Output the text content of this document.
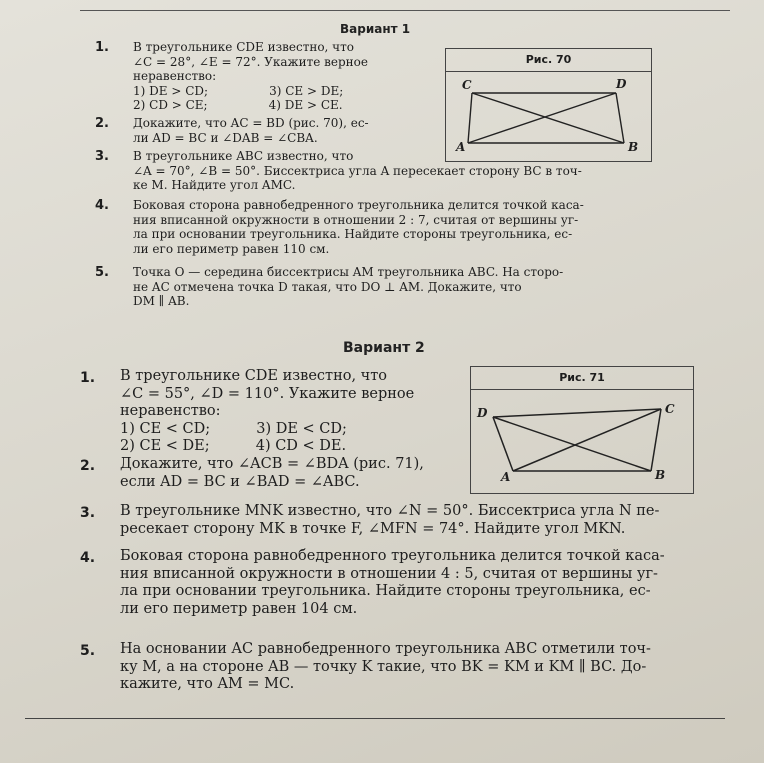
Вариант 1
Рис. 70
C	D
A	B
1. В треугольнике CDE известно, что
∠C = 28°, ∠E = 72°. Укажите верное
неравенство:
1) DE > CD;                3) CE > DE;
2) CD > CE;                4) DE > CE.
2. Докажите, что AC = BD (рис. 70), ес-
ли AD = BC и ∠DAB = ∠CBA.
3. В треугольнике ABC известно, что
∠A = 70°, ∠B = 50°. Биссектриса угла A пересекает сторону BC в точ-
ке M. Найдите угол AMC.
4. Боковая сторона равнобедренного треугольника делится точкой каса-
ния вписанной окружности в отношении 2 : 7, считая от вершины уг-
ла при основании треугольника. Найдите стороны треугольника, ес-
ли его периметр равен 110 см.
5. Точка O — середина биссектрисы AM треугольника ABC. На сторо-
не AC отмечена точка D такая, что DO ⊥ AM. Докажите, что
DM ∥ AB.
Вариант 2
Рис. 71
D	C
A	B
1. В треугольнике CDE известно, что
∠C = 55°, ∠D = 110°. Укажите верное
неравенство:
1) CE < CD;          3) DE < CD;
2) CE < DE;          4) CD < DE.
2. Докажите, что ∠ACB = ∠BDA (рис. 71),
если AD = BC и ∠BAD = ∠ABC.
3. В треугольнике MNK известно, что ∠N = 50°. Биссектриса угла N пе-
ресекает сторону MK в точке F, ∠MFN = 74°. Найдите угол MKN.
4. Боковая сторона равнобедренного треугольника делится точкой каса-
ния вписанной окружности в отношении 4 : 5, считая от вершины уг-
ла при основании треугольника. Найдите стороны треугольника, ес-
ли его периметр равен 104 см.
5. На основании AC равнобедренного треугольника ABC отметили точ-
ку M, а на стороне AB — точку K такие, что BK = KM и KM ∥ BC. До-
кажите, что AM = MC.
